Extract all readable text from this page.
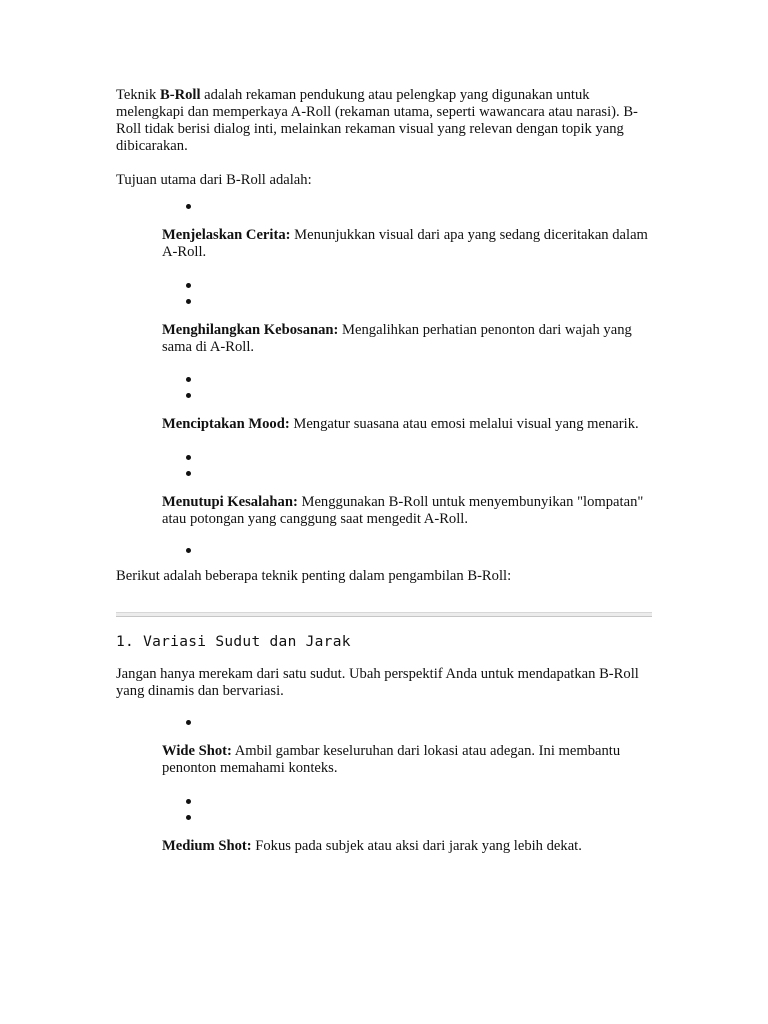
Teknik B-Roll adalah rekaman pendukung atau pelengkap yang digunakan untuk melengkapi dan memperkaya A-Roll (rekaman utama, seperti wawancara atau narasi). B-Roll tidak berisi dialog inti, melainkan rekaman visual yang relevan dengan topik yang dibicarakan.

Tujuan utama dari B-Roll adalah:

Menjelaskan Cerita: Menunjukkan visual dari apa yang sedang diceritakan dalam A-Roll.

Menghilangkan Kebosanan: Mengalihkan perhatian penonton dari wajah yang sama di A-Roll.

Menciptakan Mood: Mengatur suasana atau emosi melalui visual yang menarik.

Menutupi Kesalahan: Menggunakan B-Roll untuk menyembunyikan "lompatan" atau potongan yang canggung saat mengedit A-Roll.

Berikut adalah beberapa teknik penting dalam pengambilan B-Roll:

1. Variasi Sudut dan Jarak

Jangan hanya merekam dari satu sudut. Ubah perspektif Anda untuk mendapatkan B-Roll yang dinamis dan bervariasi.

Wide Shot: Ambil gambar keseluruhan dari lokasi atau adegan. Ini membantu penonton memahami konteks.

Medium Shot: Fokus pada subjek atau aksi dari jarak yang lebih dekat.
